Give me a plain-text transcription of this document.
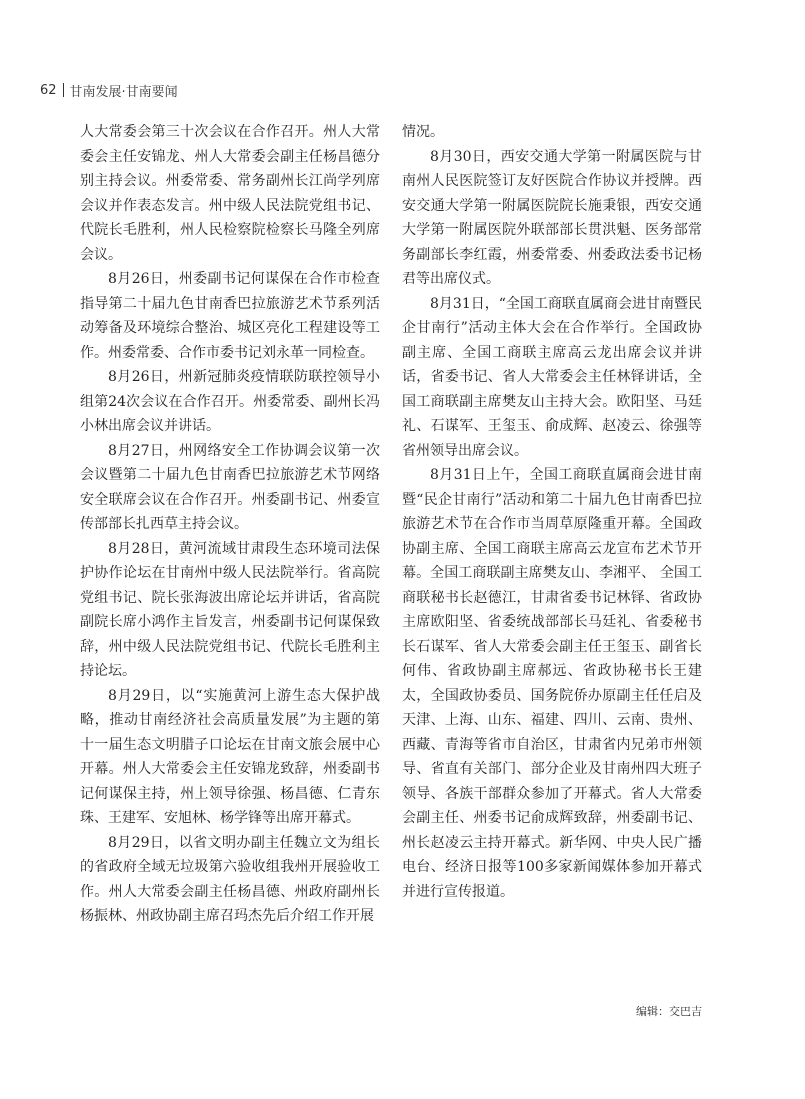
62 甘南发展·甘南要闻

人大常委会第三十次会议在合作召开。州人大常委会主任安锦龙、州人大常委会副主任杨昌德分别主持会议。州委常委、常务副州长江尚学列席会议并作表态发言。州中级人民法院党组书记、代院长毛胜利，州人民检察院检察长马隆全列席会议。

8月26日，州委副书记何谋保在合作市检查指导第二十届九色甘南香巴拉旅游艺术节系列活动筹备及环境综合整治、城区亮化工程建设等工作。州委常委、合作市委书记刘永革一同检查。

8月26日，州新冠肺炎疫情联防联控领导小组第24次会议在合作召开。州委常委、副州长冯小林出席会议并讲话。

8月27日，州网络安全工作协调会议第一次会议暨第二十届九色甘南香巴拉旅游艺术节网络安全联席会议在合作召开。州委副书记、州委宣传部部长扎西草主持会议。

8月28日，黄河流域甘肃段生态环境司法保护协作论坛在甘南州中级人民法院举行。省高院党组书记、院长张海波出席论坛并讲话，省高院副院长席小鸿作主旨发言，州委副书记何谋保致辞，州中级人民法院党组书记、代院长毛胜利主持论坛。

8月29日，以“实施黄河上游生态大保护战略，推动甘南经济社会高质量发展”为主题的第十一届生态文明腊子口论坛在甘南文旅会展中心开幕。州人大常委会主任安锦龙致辞，州委副书记何谋保主持，州上领导徐强、杨昌德、仁青东珠、王建军、安旭林、杨学锋等出席开幕式。

8月29日，以省文明办副主任魏立文为组长的省政府全域无垃圾第六验收组我州开展验收工作。州人大常委会副主任杨昌德、州政府副州长杨振林、州政协副主席召玛杰先后介绍工作开展

情况。

8月30日，西安交通大学第一附属医院与甘南州人民医院签订友好医院合作协议并授牌。西安交通大学第一附属医院院长施秉银，西安交通大学第一附属医院外联部部长贯洪魁、医务部常务副部长李红霞，州委常委、州委政法委书记杨君等出席仪式。

8月31日，“全国工商联直属商会进甘南暨民企甘南行”活动主体大会在合作举行。全国政协副主席、全国工商联主席高云龙出席会议并讲话，省委书记、省人大常委会主任林铎讲话，全国工商联副主席樊友山主持大会。欧阳坚、马廷礼、石谋军、王玺玉、俞成辉、赵凌云、徐强等省州领导出席会议。

8月31日上午，全国工商联直属商会进甘南暨“民企甘南行”活动和第二十届九色甘南香巴拉旅游艺术节在合作市当周草原隆重开幕。全国政协副主席、全国工商联主席高云龙宣布艺术节开幕。全国工商联副主席樊友山、李湘平、 全国工商联秘书长赵德江，甘肃省委书记林铎、省政协主席欧阳坚、省委统战部部长马廷礼、省委秘书长石谋军、省人大常委会副主任王玺玉、副省长何伟、省政协副主席郝远、省政协秘书长王建太，全国政协委员、国务院侨办原副主任任启及天津、上海、山东、福建、四川、云南、贵州、西藏、青海等省市自治区，甘肃省内兄弟市州领导、省直有关部门、部分企业及甘南州四大班子领导、各族干部群众参加了开幕式。省人大常委会副主任、州委书记俞成辉致辞，州委副书记、州长赵凌云主持开幕式。新华网、中央人民广播电台、经济日报等100多家新闻媒体参加开幕式并进行宣传报道。

编辑：交巴吉
